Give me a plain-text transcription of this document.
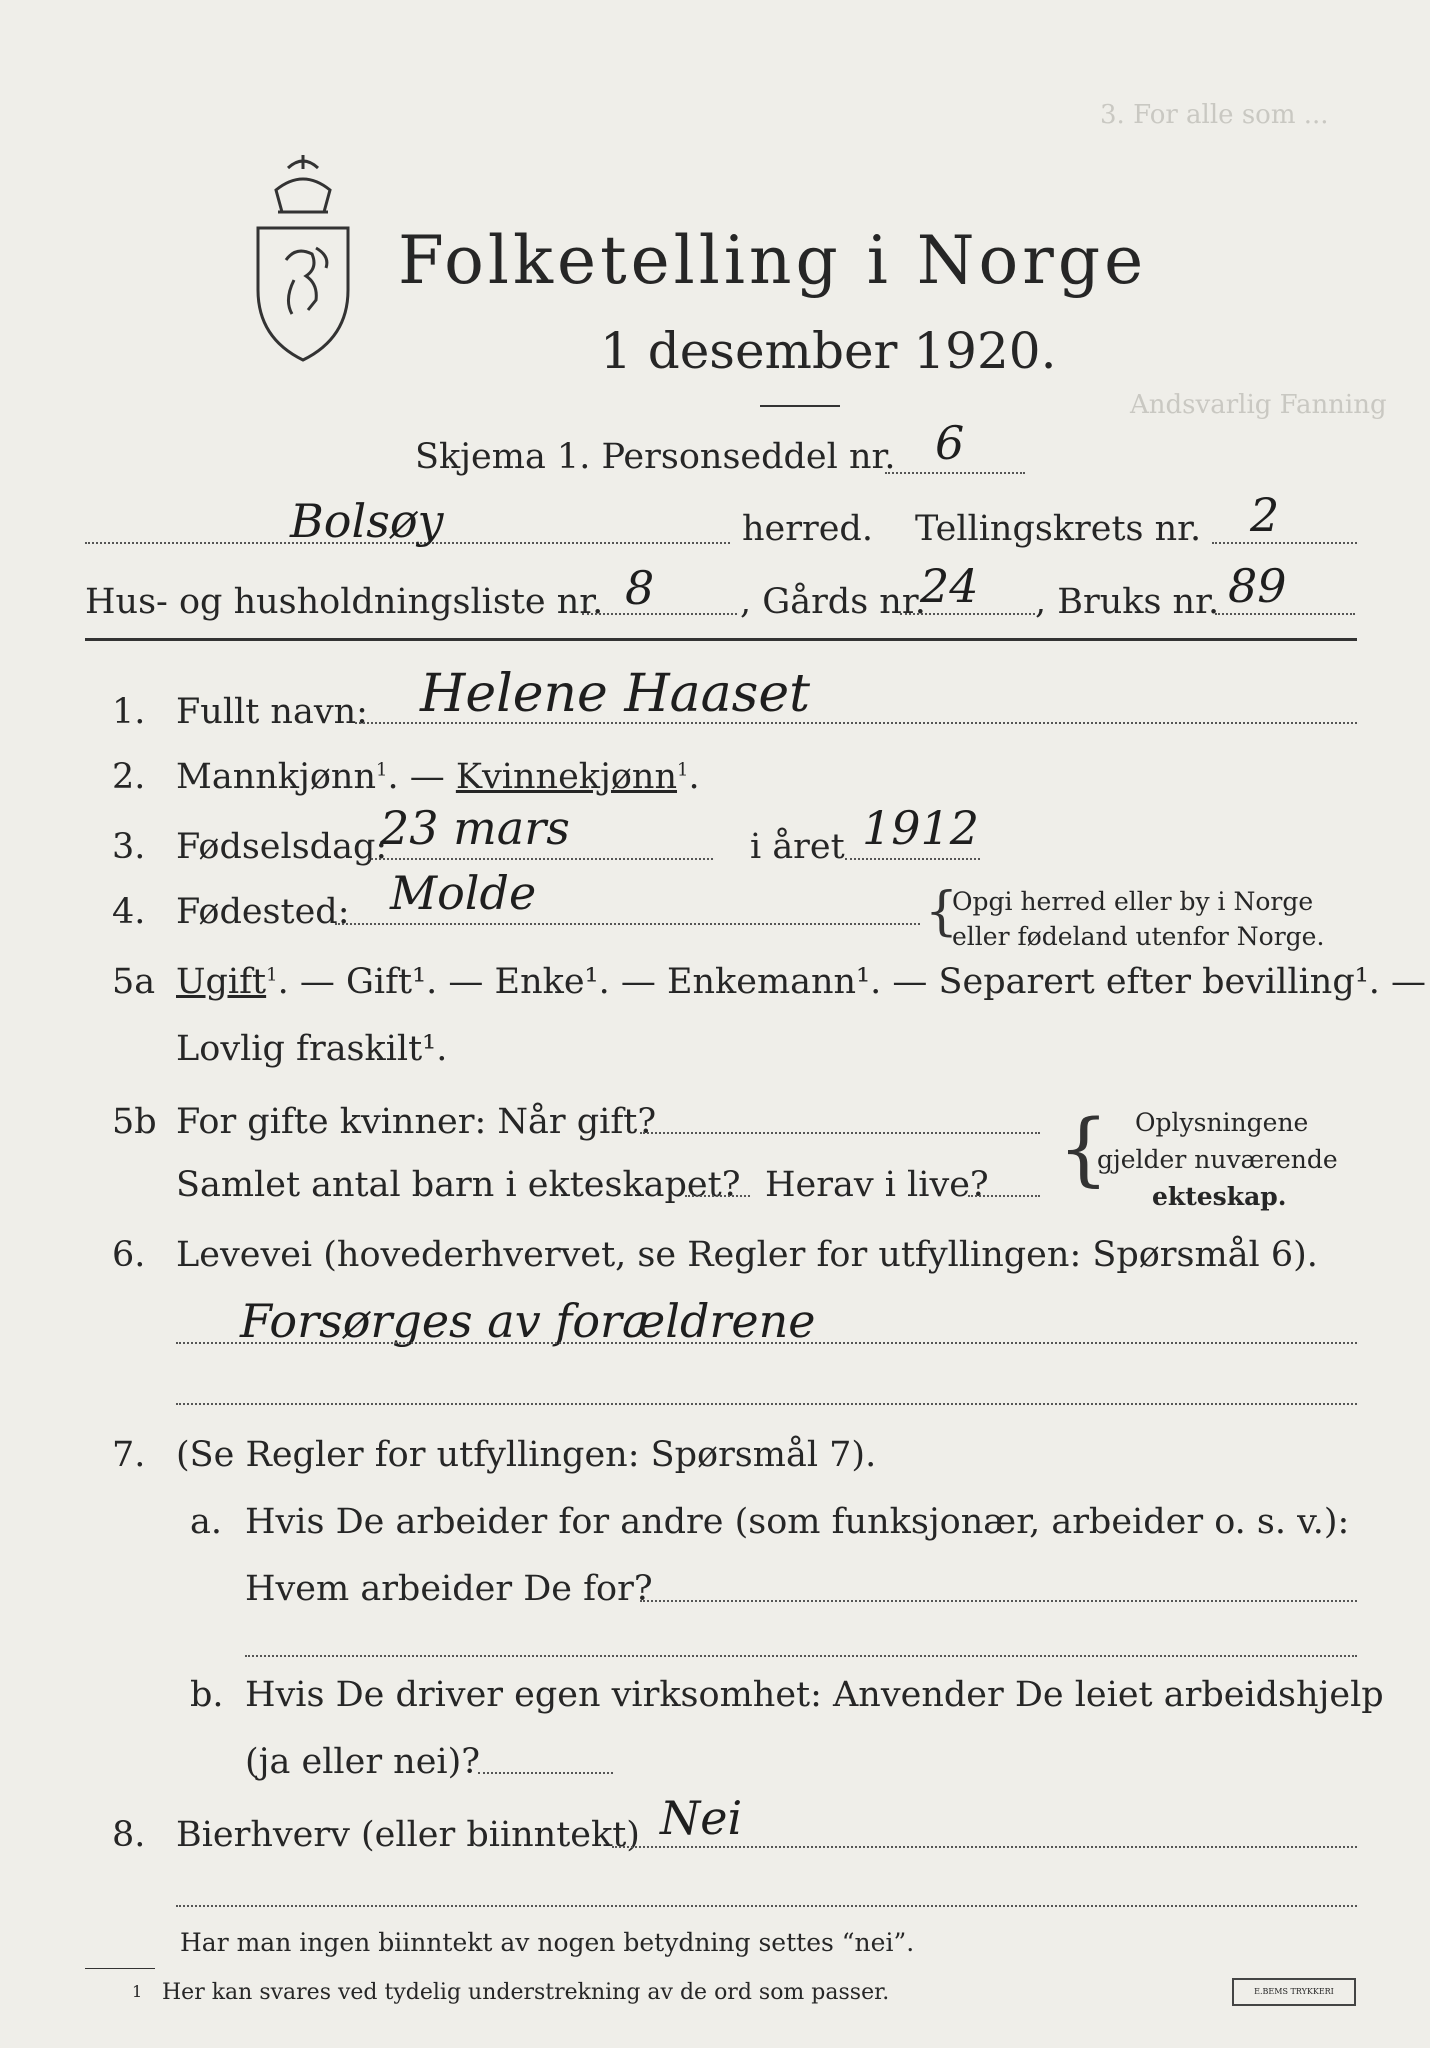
3. For alle som ...
Andsvarlig Fanning
Folketelling i Norge
1 desember 1920.
Skjema 1. Personseddel nr. 6
Bolsøy	herred. Tellingskrets nr. 2
Hus- og husholdningsliste nr. 8 , Gårds nr.
24 , Bruks nr. 89
1. Fullt navn: Helene Haaset
2. Mannkjønn$^1$. — Kvinnekjønn$^1$.
3. Fødselsdag:
23 mars	i året 1912
4. Fødested: Molde	{
Opgi herred eller by i Norge
eller fødeland utenfor Norge.
5a Ugift$^1$. — Gift¹. — Enke¹. — Enkemann¹. — Separert efter bevilling¹. —
Lovlig fraskilt¹.
5b For gifte kvinner: Når gift?
Samlet antal barn i ekteskapet? Herav i live? { Oplysningene
gjelder nuværende
ekteskap.
6. Levevei (hovederhvervet, se Regler for utfyllingen: Spørsmål 6).
Forsørges av forældrene
7. (Se Regler for utfyllingen: Spørsmål 7).
a. Hvis De arbeider for andre (som funksjonær, arbeider o. s. v.):
Hvem arbeider De for?
b. Hvis De driver egen virksomhet: Anvender De leiet arbeidshjelp
(ja eller nei)?
8. Bierhverv (eller biinntekt) Nei
Har man ingen biinntekt av nogen betydning settes “nei”.
1 Her kan svares ved tydelig understrekning av de ord som passer.	E.BEMS TRYKKERI
